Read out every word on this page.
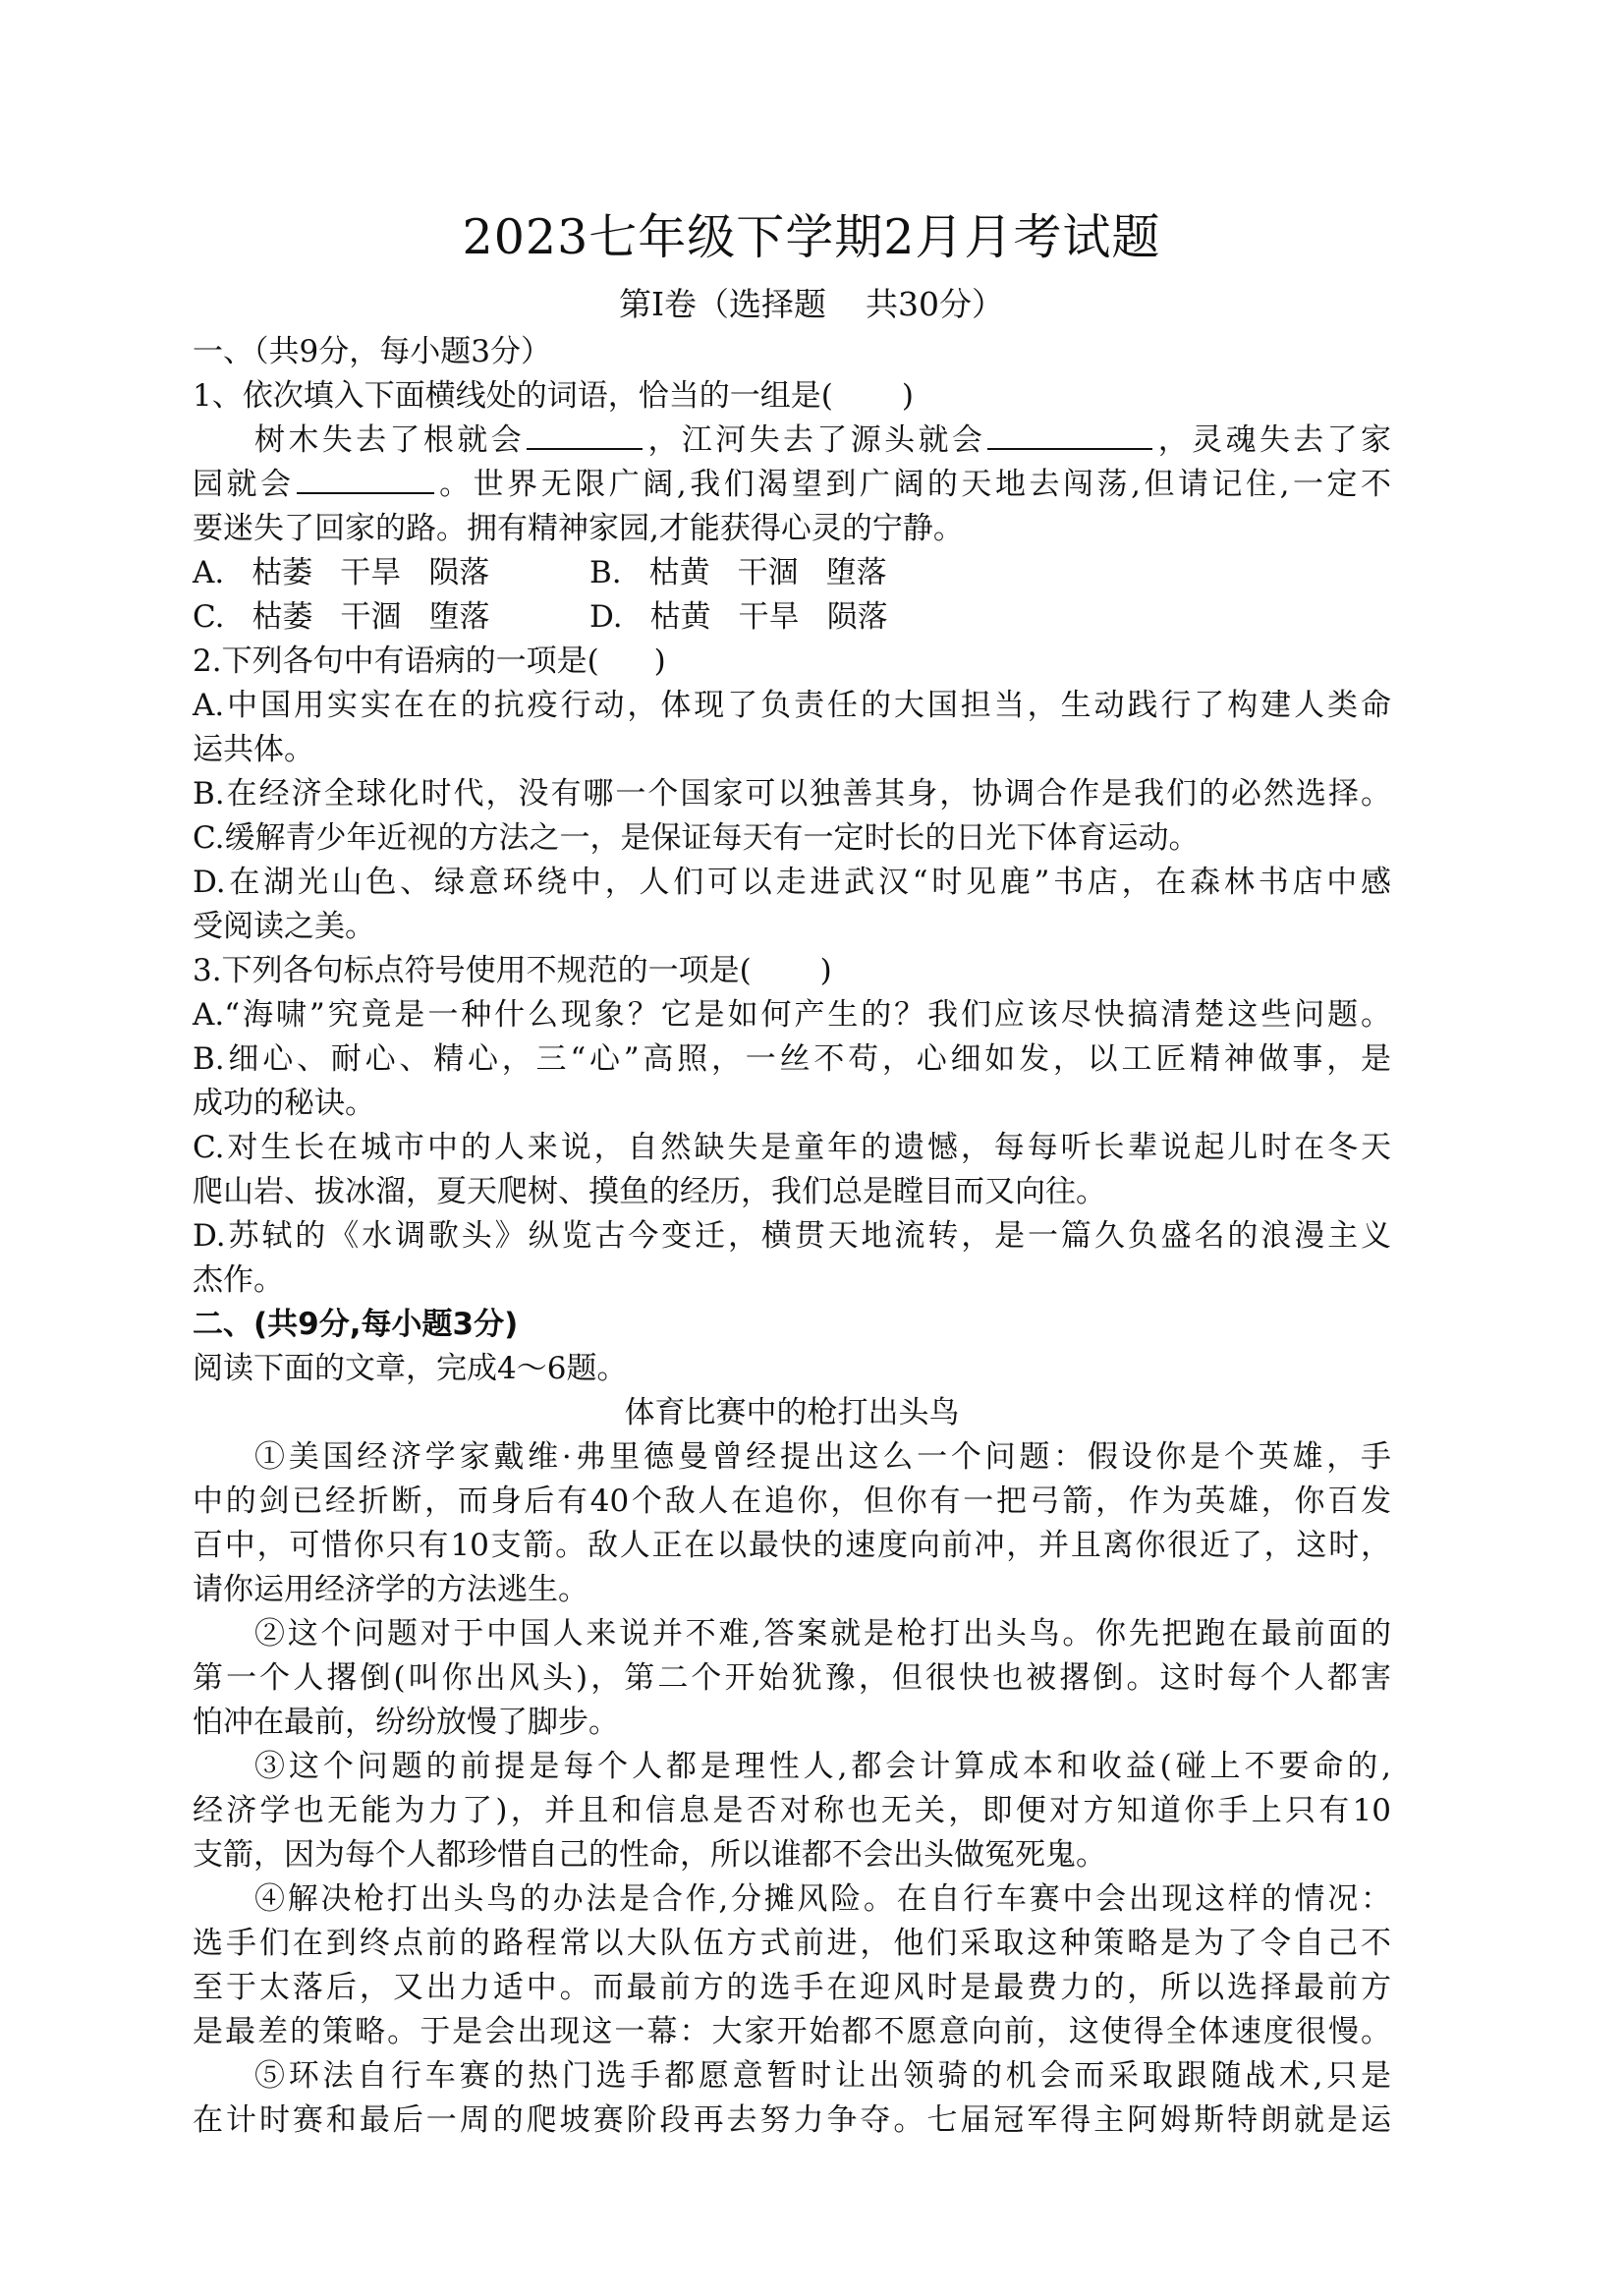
2023七年级下学期2月月考试题
第Ⅰ卷（选择题 共30分）

一、（共9分，每小题3分）

1、依次填入下面横线处的词语，恰当的一组是( )

树木失去了根就会	，江河失去了源头就会	，灵魂失去了家

园就会	。世界无限广阔,我们渴望到广阔的天地去闯荡,但请记住,一定不

要迷失了回家的路。拥有精神家园,才能获得心灵的宁静。

A. 枯萎 干旱 陨落	B. 枯黄 干涸 堕落

C. 枯萎 干涸 堕落	D. 枯黄 干旱 陨落

2.下列各句中有语病的一项是( )

A.中国用实实在在的抗疫行动，体现了负责任的大国担当，生动践行了构建人类命

运共体。

B.在经济全球化时代，没有哪一个国家可以独善其身，协调合作是我们的必然选择。

C.缓解青少年近视的方法之一，是保证每天有一定时长的日光下体育运动。

D.在湖光山色、绿意环绕中，人们可以走进武汉“时见鹿”书店，在森林书店中感

受阅读之美。

3.下列各句标点符号使用不规范的一项是( )

A.“海啸”究竟是一种什么现象？它是如何产生的？我们应该尽快搞清楚这些问题。

B.细心、耐心、精心，三“心”高照，一丝不苟，心细如发，以工匠精神做事，是

成功的秘诀。

C.对生长在城市中的人来说，自然缺失是童年的遗憾，每每听长辈说起儿时在冬天

爬山岩、拔冰溜，夏天爬树、摸鱼的经历，我们总是瞠目而又向往。

D.苏轼的《水调歌头》纵览古今变迁，横贯天地流转，是一篇久负盛名的浪漫主义

杰作。

二、(共9分,每小题3分)

阅读下面的文章，完成4～6题。

体育比赛中的枪打出头鸟

①美国经济学家戴维·弗里德曼曾经提出这么一个问题：假设你是个英雄，手

中的剑已经折断，而身后有40个敌人在追你，但你有一把弓箭，作为英雄，你百发

百中，可惜你只有10支箭。敌人正在以最快的速度向前冲，并且离你很近了，这时，

请你运用经济学的方法逃生。

②这个问题对于中国人来说并不难,答案就是枪打出头鸟。你先把跑在最前面的

第一个人撂倒(叫你出风头)，第二个开始犹豫，但很快也被撂倒。这时每个人都害

怕冲在最前，纷纷放慢了脚步。

③这个问题的前提是每个人都是理性人,都会计算成本和收益(碰上不要命的,

经济学也无能为力了)，并且和信息是否对称也无关，即便对方知道你手上只有10

支箭，因为每个人都珍惜自己的性命，所以谁都不会出头做冤死鬼。

④解决枪打出头鸟的办法是合作,分摊风险。在自行车赛中会出现这样的情况：

选手们在到终点前的路程常以大队伍方式前进，他们采取这种策略是为了令自己不

至于太落后，又出力适中。而最前方的选手在迎风时是最费力的，所以选择最前方

是最差的策略。于是会出现这一幕：大家开始都不愿意向前，这使得全体速度很慢。

⑤环法自行车赛的热门选手都愿意暂时让出领骑的机会而采取跟随战术,只是

在计时赛和最后一周的爬坡赛阶段再去努力争夺。七届冠军得主阿姆斯特朗就是运
